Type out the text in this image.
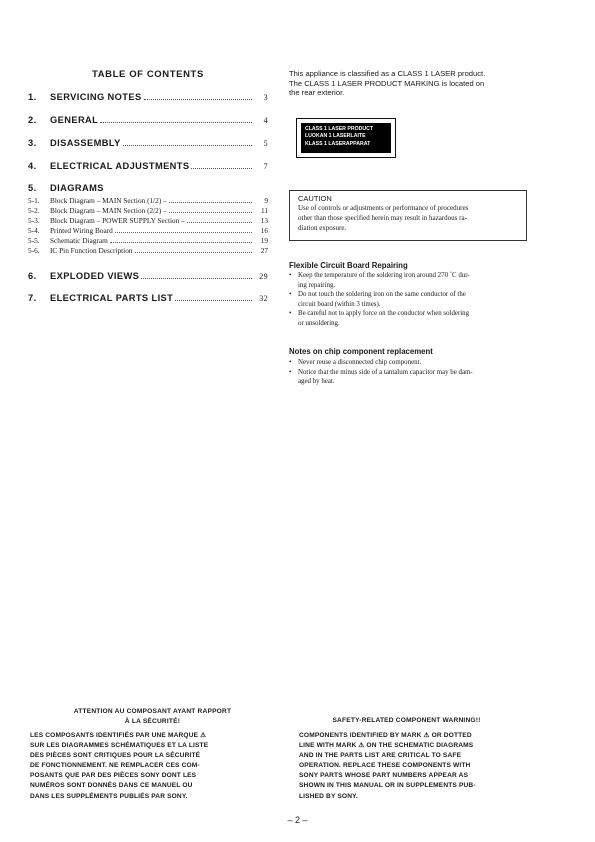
TABLE OF CONTENTS
1.	SERVICING NOTES	3
2.	GENERAL	4
3.	DISASSEMBLY	5
4.	ELECTRICAL ADJUSTMENTS	7
5.	DIAGRAMS
5-1.	Block Diagram – MAIN Section (1/2) –	9
5-2.	Block Diagram – MAIN Section (2/2) –	11
5-3.	Block Diagram – POWER SUPPLY Section –	13
5-4.	Printed Wiring Board	16
5-5.	Schematic Diagram	19
5-6.	IC Pin Function Description	27
6.	EXPLODED VIEWS	29
7.	ELECTRICAL PARTS LIST	32
This appliance is classified as a CLASS 1 LASER product.
The CLASS 1 LASER PRODUCT MARKING is located on
the rear exterior.
CLASS 1 LASER PRODUCT
LUOKAN 1 LASERLAITE
KLASS 1 LASERAPPARAT
CAUTION
Use of controls or adjustments or performance of procedures
other than those specified herein may result in hazardous ra-
diation exposure.
Flexible Circuit Board Repairing
• Keep the temperature of the soldering iron around 270 ˚C dur-
ing repairing.
• Do not touch the soldering iron on the same conductor of the
circuit board (within 3 times).
• Be careful not to apply force on the conductor when soldering
or unsoldering.
Notes on chip component replacement
• Never reuse a disconnected chip component.
• Notice that the minus side of a tantalum capacitor may be dam-
aged by heat.
ATTENTION AU COMPOSANT AYANT RAPPORT
À LA SÉCURITÉ!
LES COMPOSANTS IDENTIFIÉS PAR UNE MARQUE ⚠
SUR LES DIAGRAMMES SCHÉMATIQUES ET LA LISTE
DES PIÈCES SONT CRITIQUES POUR LA SÉCURITÉ
DE FONCTIONNEMENT. NE REMPLACER CES COM-
POSANTS QUE PAR DES PIÈCES SONY DONT LES
NUMÉROS SONT DONNÉS DANS CE MANUEL OU
DANS LES SUPPLÉMENTS PUBLIÉS PAR SONY.
SAFETY-RELATED COMPONENT WARNING!!
COMPONENTS IDENTIFIED BY MARK ⚠ OR DOTTED
LINE WITH MARK ⚠ ON THE SCHEMATIC DIAGRAMS
AND IN THE PARTS LIST ARE CRITICAL TO SAFE
OPERATION. REPLACE THESE COMPONENTS WITH
SONY PARTS WHOSE PART NUMBERS APPEAR AS
SHOWN IN THIS MANUAL OR IN SUPPLEMENTS PUB-
LISHED BY SONY.
– 2 –
